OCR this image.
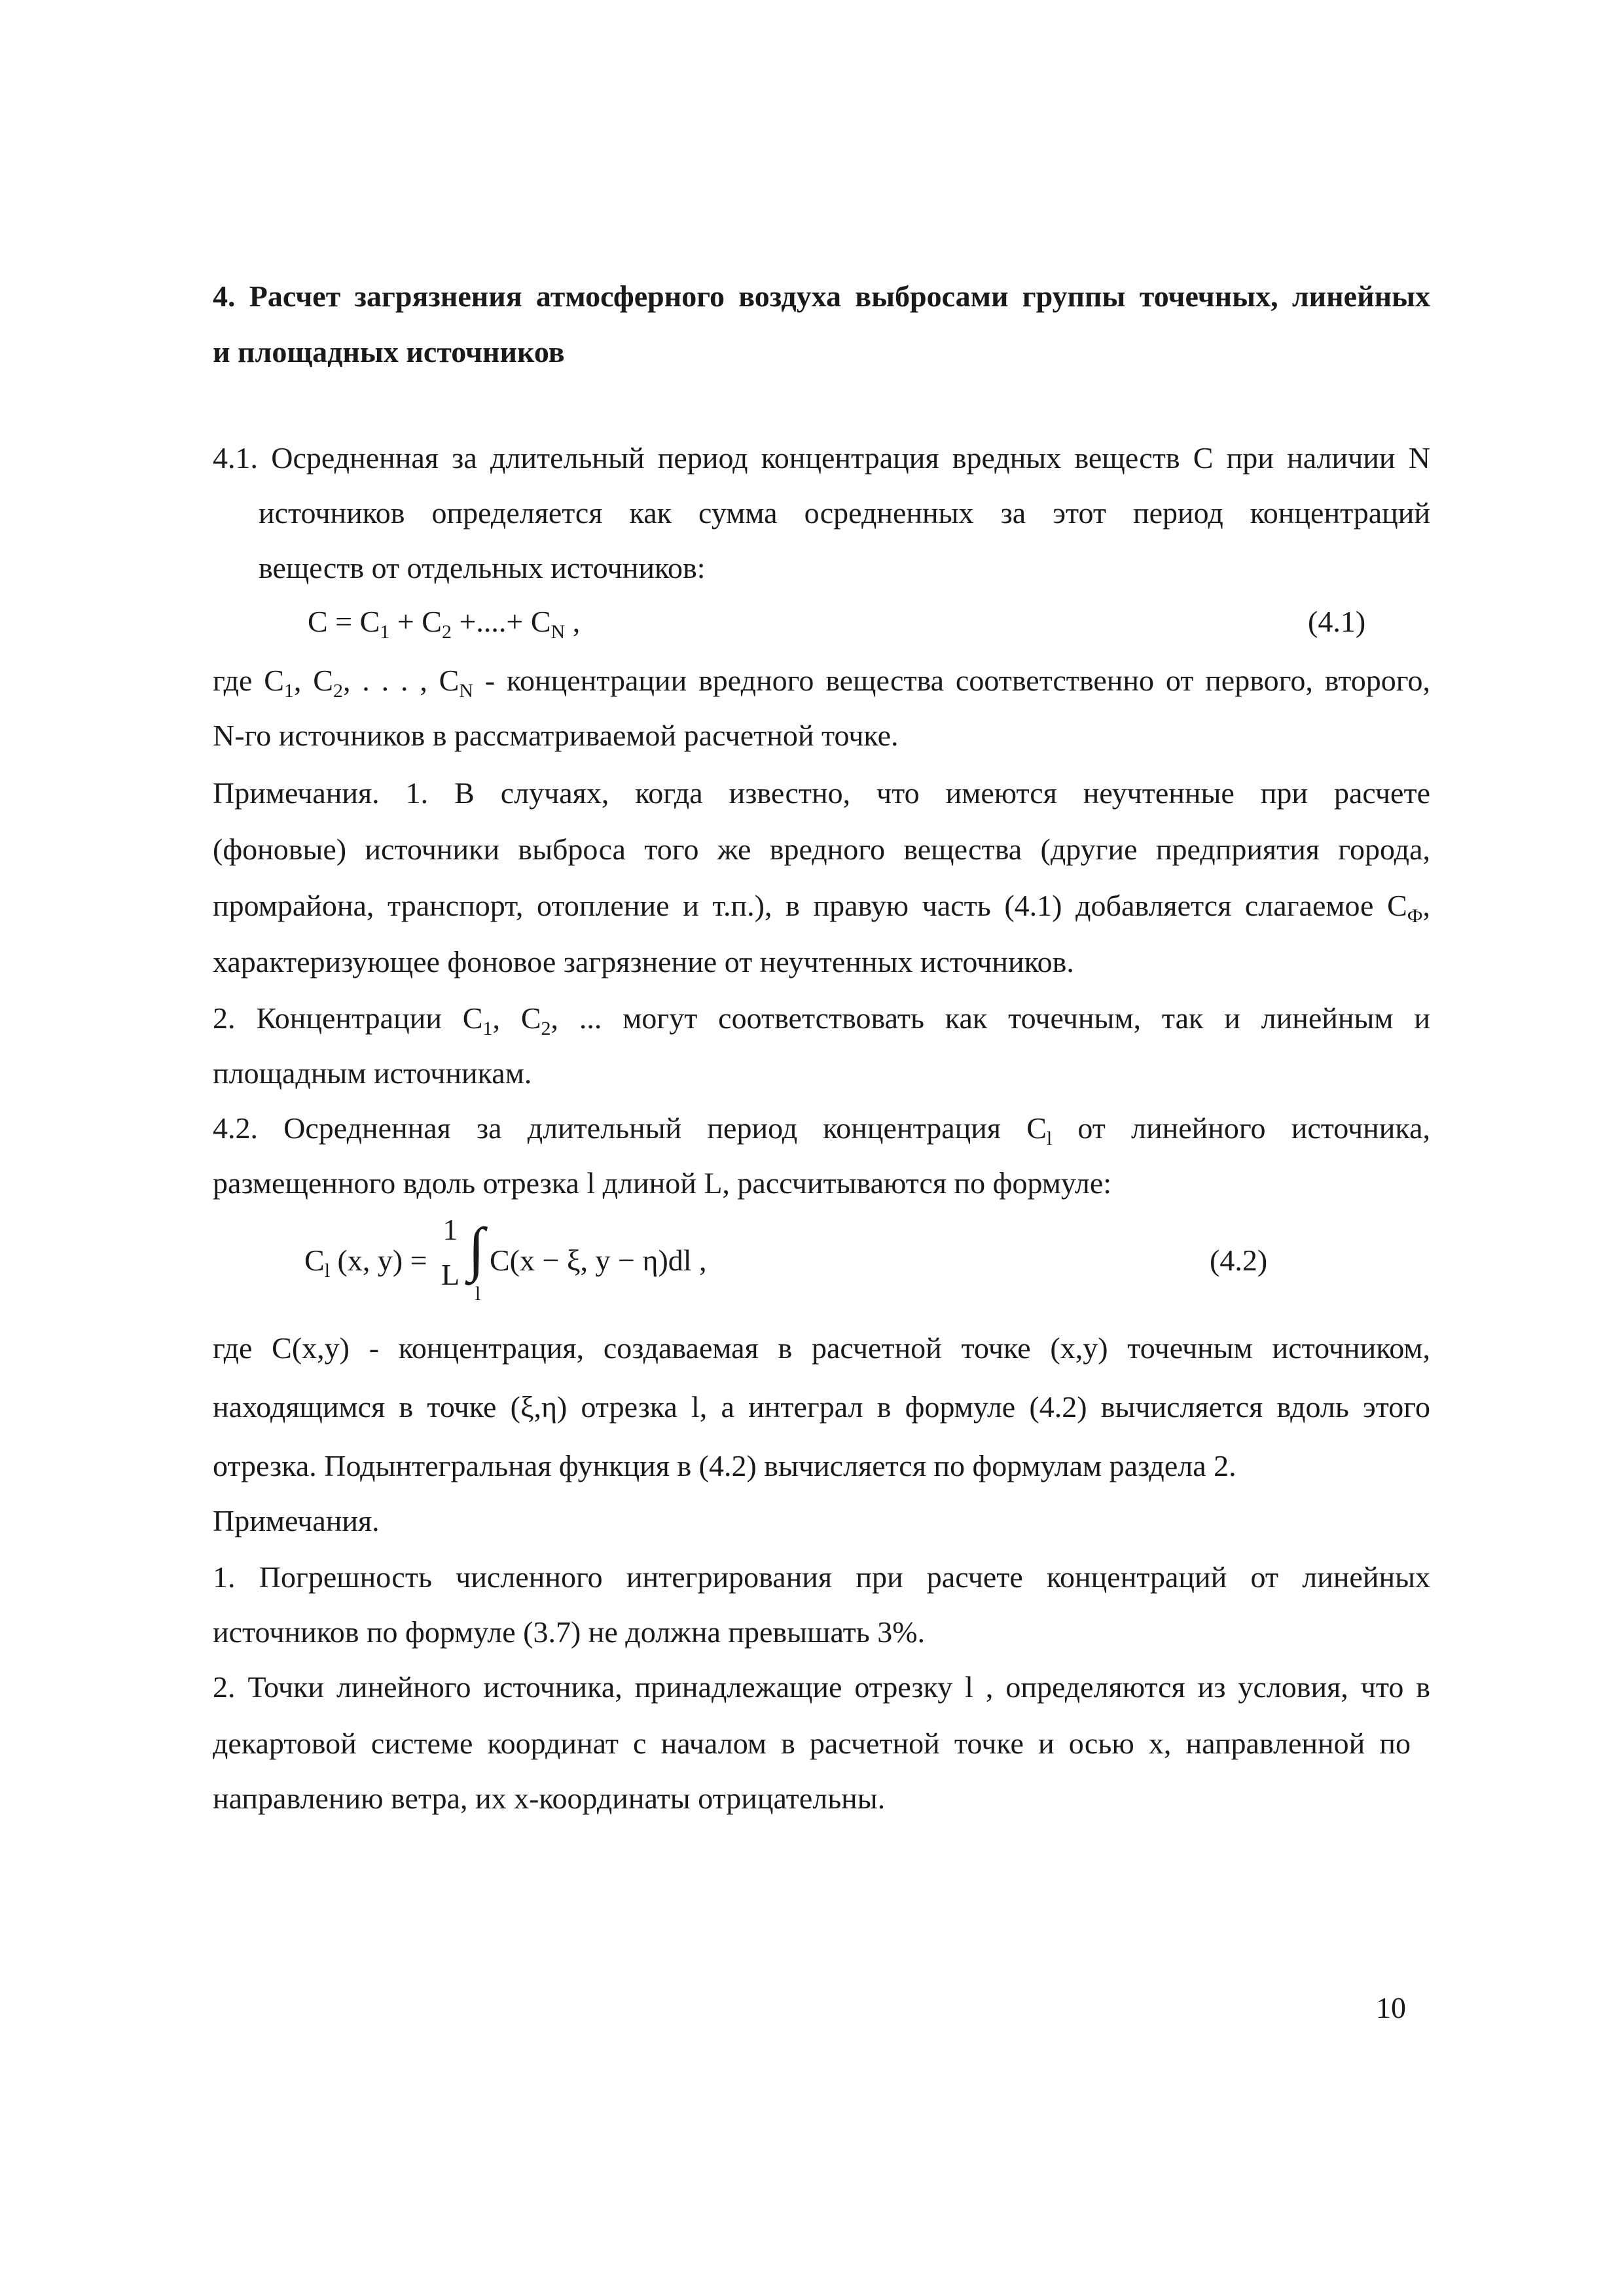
4. Расчет загрязнения атмосферного воздуха выбросами группы точечных, линейных
и площадных источников
4.1. Осредненная за длительный период концентрация вредных веществ C при наличии N
источников определяется как сумма осредненных за этот период концентраций
веществ от отдельных источников:
$C = C_1 + C_2$ +....+ $C_N$ ,	(4.1)
где $C_1$, $C_2$, . . . , $C_N$ - концентрации вредного вещества соответственно от первого, второго,
N-го источников в рассматриваемой расчетной точке.
Примечания. 1. В случаях, когда известно, что имеются неучтенные при расчете
(фоновые) источники выброса того же вредного вещества (другие предприятия города,
промрайона, транспорт, отопление и т.п.), в правую часть (4.1) добавляется слагаемое $C_Ф$,
характеризующее фоновое загрязнение от неучтенных источников.
2. Концентрации $C_1$, $C_2$, ... могут соответствовать как точечным, так и линейным и
площадным источникам.
4.2. Осредненная за длительный период концентрация $C_l$ от линейного источника,
размещенного вдоль отрезка l длиной L, рассчитываются по формуле:
$C_l$ (x, y) =
1
L ∫
l
C(x − ξ, y − η)dl ,	(4.2)
где C(x,y) - концентрация, создаваемая в расчетной точке (x,y) точечным источником,
находящимся в точке (ξ,η) отрезка l, а интеграл в формуле (4.2) вычисляется вдоль этого
отрезка. Подынтегральная функция в (4.2) вычисляется по формулам раздела 2.
Примечания.
1. Погрешность численного интегрирования при расчете концентраций от линейных
источников по формуле (3.7) не должна превышать 3%.
2. Точки линейного источника, принадлежащие отрезку l , определяются из условия, что в
декартовой системе координат с началом в расчетной точке и осью x, направленной по
направлению ветра, их x-координаты отрицательны.
10
